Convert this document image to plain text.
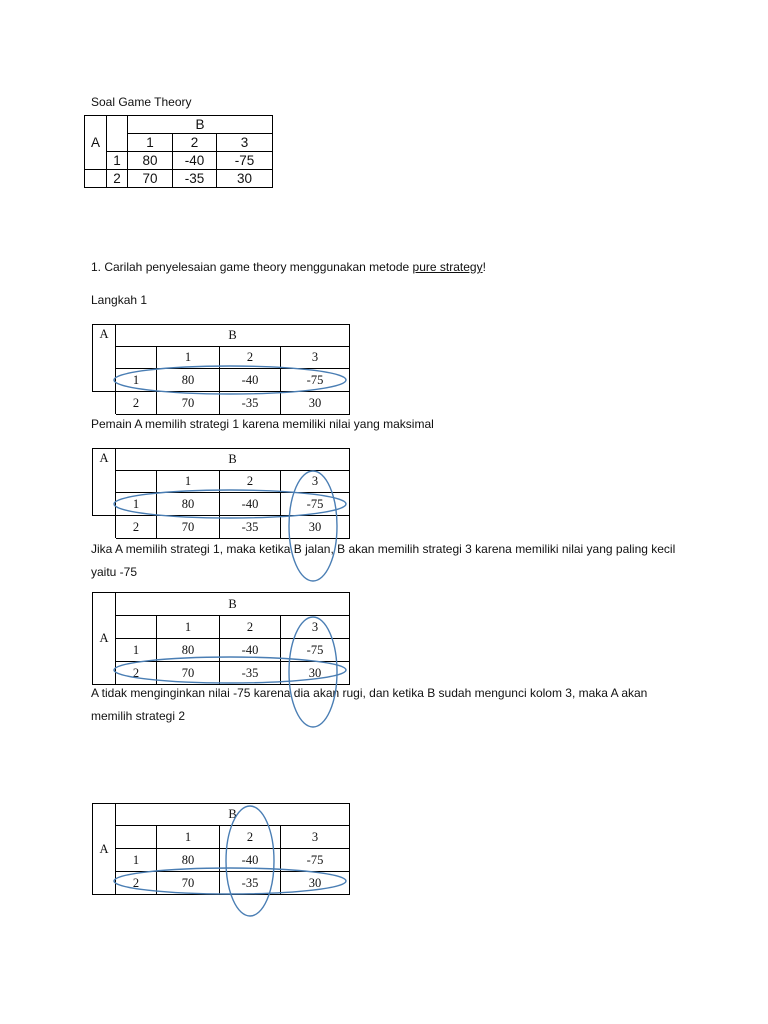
Soal Game Theory
A		B		
		1	2	3
	1	80	-40	-75
	2	70	-35	30
1. Carilah penyelesaian game theory menggunakan metode pure strategy!
Langkah 1
A	B			
		1	2	3
	1	80	-40	-75
	2	70	-35	30
Pemain A memilih strategi 1 karena memiliki nilai yang maksimal
A	B			
		1	2	3
	1	80	-40	-75
	2	70	-35	30
Jika A memilih strategi 1, maka ketika B jalan, B akan memilih strategi 3 karena memiliki nilai yang paling kecil yaitu -75
A	B			
		1	2	3
	1	80	-40	-75
	2	70	-35	30
A tidak menginginkan nilai -75 karena dia akan rugi, dan ketika B sudah mengunci kolom 3, maka A akan memilih strategi 2
A	B			
		1	2	3
	1	80	-40	-75
	2	70	-35	30
